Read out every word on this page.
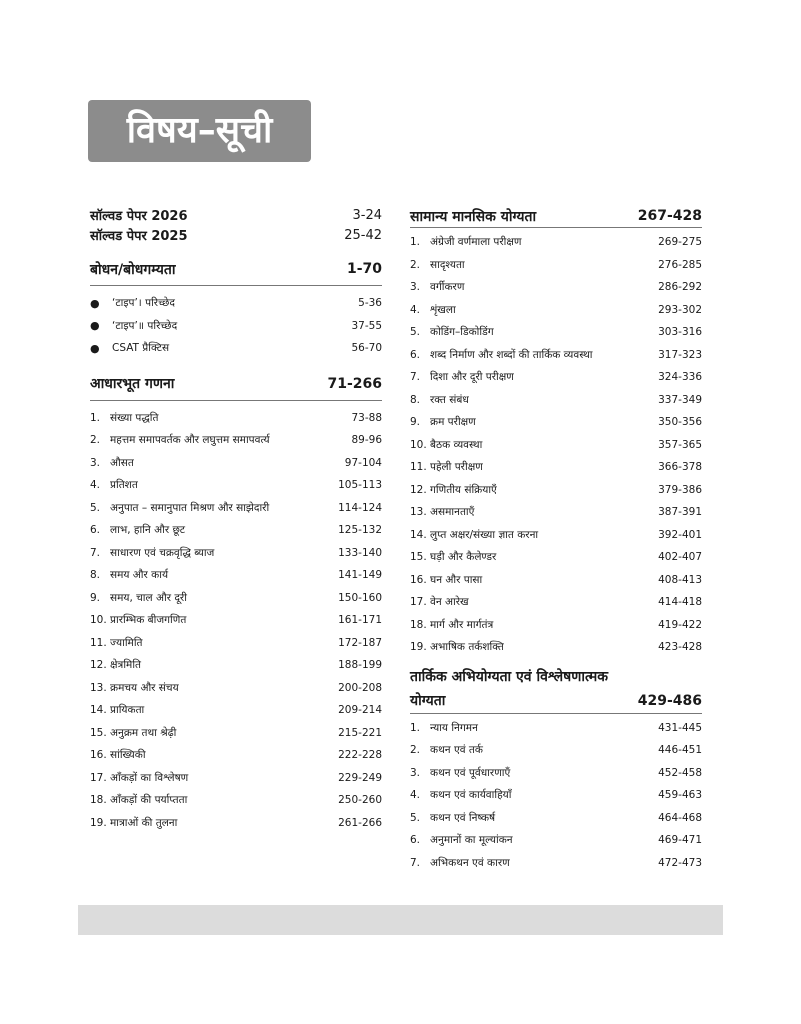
विषय–सूची
सॉल्वड पेपर 2026	3-24
सॉल्वड पेपर 2025	25-42
बोधन/बोधगम्यता	1-70
●	‘टाइप’। परिच्छेद	5-36
●	‘टाइप’॥ परिच्छेद	37-55
●	CSAT प्रैक्टिस	56-70
आधारभूत गणना	71-266
1. संख्या पद्धति	73-88
2. महत्तम समापवर्तक और लघुत्तम समापवर्त्य	89-96
3. औसत	97-104
4. प्रतिशत	105-113
5. अनुपात – समानुपात मिश्रण और साझेदारी	114-124
6. लाभ, हानि और छूट	125-132
7. साधारण एवं चक्रवृद्धि ब्याज	133-140
8. समय और कार्य	141-149
9. समय, चाल और दूरी	150-160
10. प्रारम्भिक बीजगणित	161-171
11. ज्यामिति	172-187
12. क्षेत्रमिति	188-199
13. क्रमचय और संचय	200-208
14. प्रायिकता	209-214
15. अनुक्रम तथा श्रेढ़ी	215-221
16. सांख्यिकी	222-228
17. आँकड़ों का विश्लेषण	229-249
18. आँकड़ों की पर्याप्तता	250-260
19. मात्राओं की तुलना	261-266
सामान्य मानसिक योग्यता	267-428
1. अंग्रेजी वर्णमाला परीक्षण	269-275
2. सादृश्यता	276-285
3. वर्गीकरण	286-292
4. शृंखला	293-302
5. कोडिंग–डिकोडिंग	303-316
6. शब्द निर्माण और शब्दों की तार्किक व्यवस्था	317-323
7. दिशा और दूरी परीक्षण	324-336
8. रक्त संबंध	337-349
9. क्रम परीक्षण	350-356
10. बैठक व्यवस्था	357-365
11. पहेली परीक्षण	366-378
12. गणितीय संक्रियाएँ	379-386
13. असमानताएँ	387-391
14. लुप्त अक्षर/संख्या ज्ञात करना	392-401
15. घड़ी और कैलेण्डर	402-407
16. घन और पासा	408-413
17. वेन आरेख	414-418
18. मार्ग और मार्गतंत्र	419-422
19. अभाषिक तर्कशक्ति	423-428
तार्किक अभियोग्यता एवं विश्लेषणात्मक
योग्यता	429-486
1. न्याय निगमन	431-445
2. कथन एवं तर्क	446-451
3. कथन एवं पूर्वधारणाएँ	452-458
4. कथन एवं कार्यवाहियाँ	459-463
5. कथन एवं निष्कर्ष	464-468
6. अनुमानों का मूल्यांकन	469-471
7. अभिकथन एवं कारण	472-473
